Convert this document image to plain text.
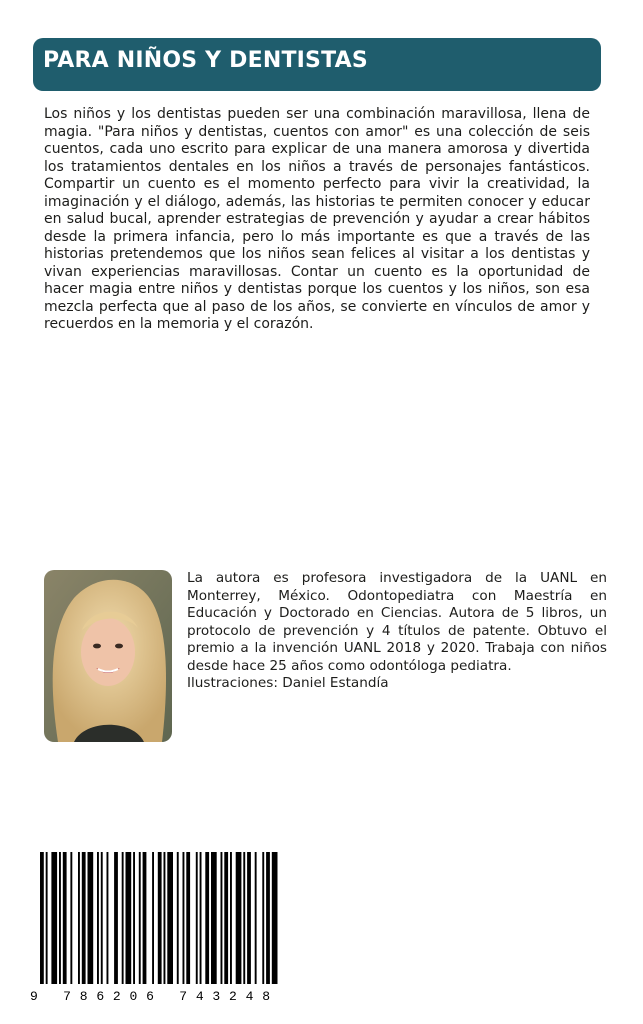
PARA NIÑOS Y DENTISTAS

Los niños y los dentistas pueden ser una combinación maravillosa, llena de magia. "Para niños y dentistas, cuentos con amor" es una colección de seis cuentos, cada uno escrito para explicar de una manera amorosa y divertida los tratamientos dentales en los niños a través de personajes fantásticos. Compartir un cuento es el momento perfecto para vivir la creatividad, la imaginación y el diálogo, además, las historias te permiten conocer y educar en salud bucal, aprender estrategias de prevención y ayudar a crear hábitos desde la primera infancia, pero lo más importante es que a través de las historias pretendemos que los niños sean felices al visitar a los dentistas y vivan experiencias maravillosas. Contar un cuento es la oportunidad de hacer magia entre niños y dentistas porque los cuentos y los niños, son esa mezcla perfecta que al paso de los años, se convierte en vínculos de amor y recuerdos en la memoria y el corazón.

La autora es profesora investigadora de la UANL en Monterrey, México. Odontopediatra con Maestría en Educación y Doctorado en Ciencias. Autora de 5 libros, un protocolo de prevención y 4 títulos de patente. Obtuvo el premio a la invención UANL 2018 y 2020. Trabaja con niños desde hace 25 años como odontóloga pediatra.
Ilustraciones: Daniel Estandía

9 786206 743248
